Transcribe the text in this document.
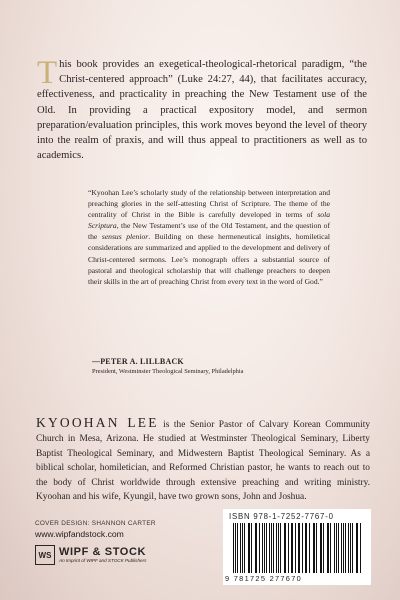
This book provides an exegetical-theological-rhetorical paradigm, “the Christ-centered approach” (Luke 24:27, 44), that facilitates accuracy, effectiveness, and practicality in preaching the New Testament use of the Old. In providing a practical expository model, and sermon preparation/evaluation principles, this work moves beyond the level of theory into the realm of praxis, and will thus appeal to practitioners as well as to academics.
“Kyoohan Lee’s scholarly study of the relationship between interpretation and preaching glories in the self-attesting Christ of Scripture. The theme of the centrality of Christ in the Bible is carefully developed in terms of sola Scriptura, the New Testament’s use of the Old Testament, and the question of the sensus plenior. Building on these hermeneutical insights, homiletical considerations are summarized and applied to the development and delivery of Christ-centered sermons. Lee’s monograph offers a substantial source of pastoral and theological scholarship that will challenge preachers to deepen their skills in the art of preaching Christ from every text in the word of God.”
—PETER A. LILLBACK
President, Westminster Theological Seminary, Philadelphia
KYOOHAN LEE is the Senior Pastor of Calvary Korean Community Church in Mesa, Arizona. He studied at Westminster Theological Seminary, Liberty Baptist Theological Seminary, and Midwestern Baptist Theological Seminary. As a biblical scholar, homiletician, and Reformed Christian pastor, he wants to reach out to the body of Christ worldwide through extensive preaching and writing ministry. Kyoohan and his wife, Kyungil, have two grown sons, John and Joshua.
COVER DESIGN: SHANNON CARTER
www.wipfandstock.com
WS WIPF & STOCK
An Imprint of WIPF and STOCK Publishers
ISBN 978-1-7252-7767-0
9 781725 277670
